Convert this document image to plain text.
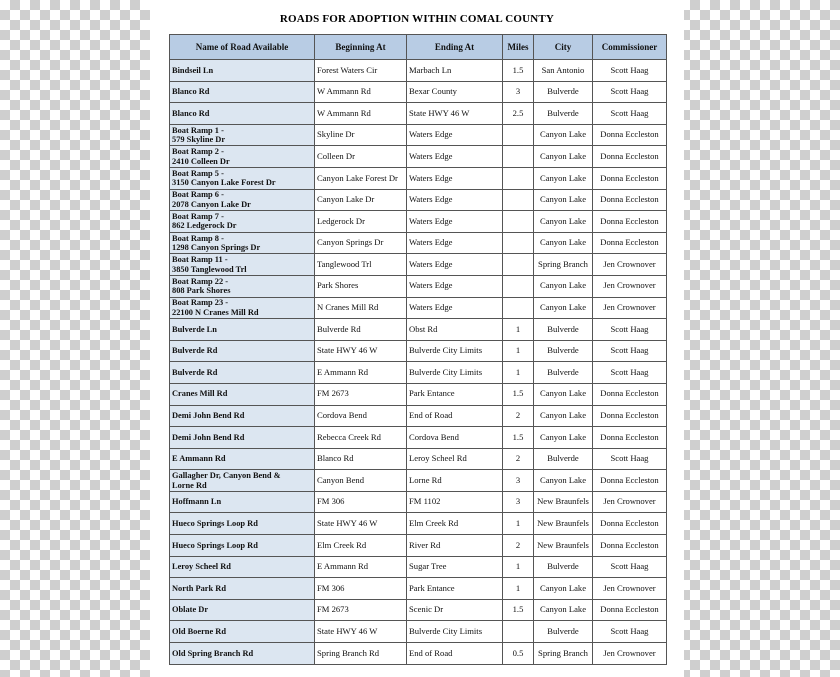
ROADS FOR ADOPTION WITHIN COMAL COUNTY
Name of Road Available	Beginning At	Ending At	Miles	City	Commissioner

Bindseil Ln	Forest Waters Cir	Marbach Ln	1.5	San Antonio	Scott Haag

Blanco Rd	W Ammann Rd	Bexar County	3	Bulverde	Scott Haag

Blanco Rd	W Ammann Rd	State HWY 46 W	2.5	Bulverde	Scott Haag

Boat Ramp 1 -
579 Skyline Dr	Skyline Dr	Waters Edge		Canyon Lake	Donna Eccleston

Boat Ramp 2 -
2410 Colleen Dr	Colleen Dr	Waters Edge		Canyon Lake	Donna Eccleston

Boat Ramp 5 -
3150 Canyon Lake Forest Dr	Canyon Lake Forest Dr	Waters Edge		Canyon Lake	Donna Eccleston

Boat Ramp 6 -
2078 Canyon Lake Dr	Canyon Lake Dr	Waters Edge		Canyon Lake	Donna Eccleston

Boat Ramp 7 -
862 Ledgerock Dr	Ledgerock Dr	Waters Edge		Canyon Lake	Donna Eccleston

Boat Ramp 8 -
1298 Canyon Springs Dr	Canyon Springs Dr	Waters Edge		Canyon Lake	Donna Eccleston

Boat Ramp 11 -
3850 Tanglewood Trl	Tanglewood Trl	Waters Edge		Spring Branch	Jen Crownover

Boat Ramp 22 -
808 Park Shores	Park Shores	Waters Edge		Canyon Lake	Jen Crownover

Boat Ramp 23 -
22100 N Cranes Mill Rd	N Cranes Mill Rd	Waters Edge		Canyon Lake	Jen Crownover

Bulverde Ln	Bulverde Rd	Obst Rd	1	Bulverde	Scott Haag

Bulverde Rd	State HWY 46 W	Bulverde City Limits	1	Bulverde	Scott Haag

Bulverde Rd	E Ammann Rd	Bulverde City Limits	1	Bulverde	Scott Haag

Cranes Mill Rd	FM 2673	Park Entance	1.5	Canyon Lake	Donna Eccleston

Demi John Bend Rd	Cordova Bend	End of Road	2	Canyon Lake	Donna Eccleston

Demi John Bend Rd	Rebecca Creek Rd	Cordova Bend	1.5	Canyon Lake	Donna Eccleston

E Ammann Rd	Blanco Rd	Leroy Scheel Rd	2	Bulverde	Scott Haag

Gallagher Dr, Canyon Bend &
Lorne Rd	Canyon Bend	Lorne Rd	3	Canyon Lake	Donna Eccleston

Hoffmann Ln	FM 306	FM 1102	3	New Braunfels	Jen Crownover

Hueco Springs Loop Rd	State HWY 46 W	Elm Creek Rd	1	New Braunfels	Donna Eccleston

Hueco Springs Loop Rd	Elm Creek Rd	River Rd	2	New Braunfels	Donna Eccleston

Leroy Scheel Rd	E Ammann Rd	Sugar Tree	1	Bulverde	Scott Haag

North Park Rd	FM 306	Park Entance	1	Canyon Lake	Jen Crownover

Oblate Dr	FM 2673	Scenic Dr	1.5	Canyon Lake	Donna Eccleston

Old Boerne Rd	State HWY 46 W	Bulverde City Limits		Bulverde	Scott Haag

Old Spring Branch Rd	Spring Branch Rd	End of Road	0.5	Spring Branch	Jen Crownover
